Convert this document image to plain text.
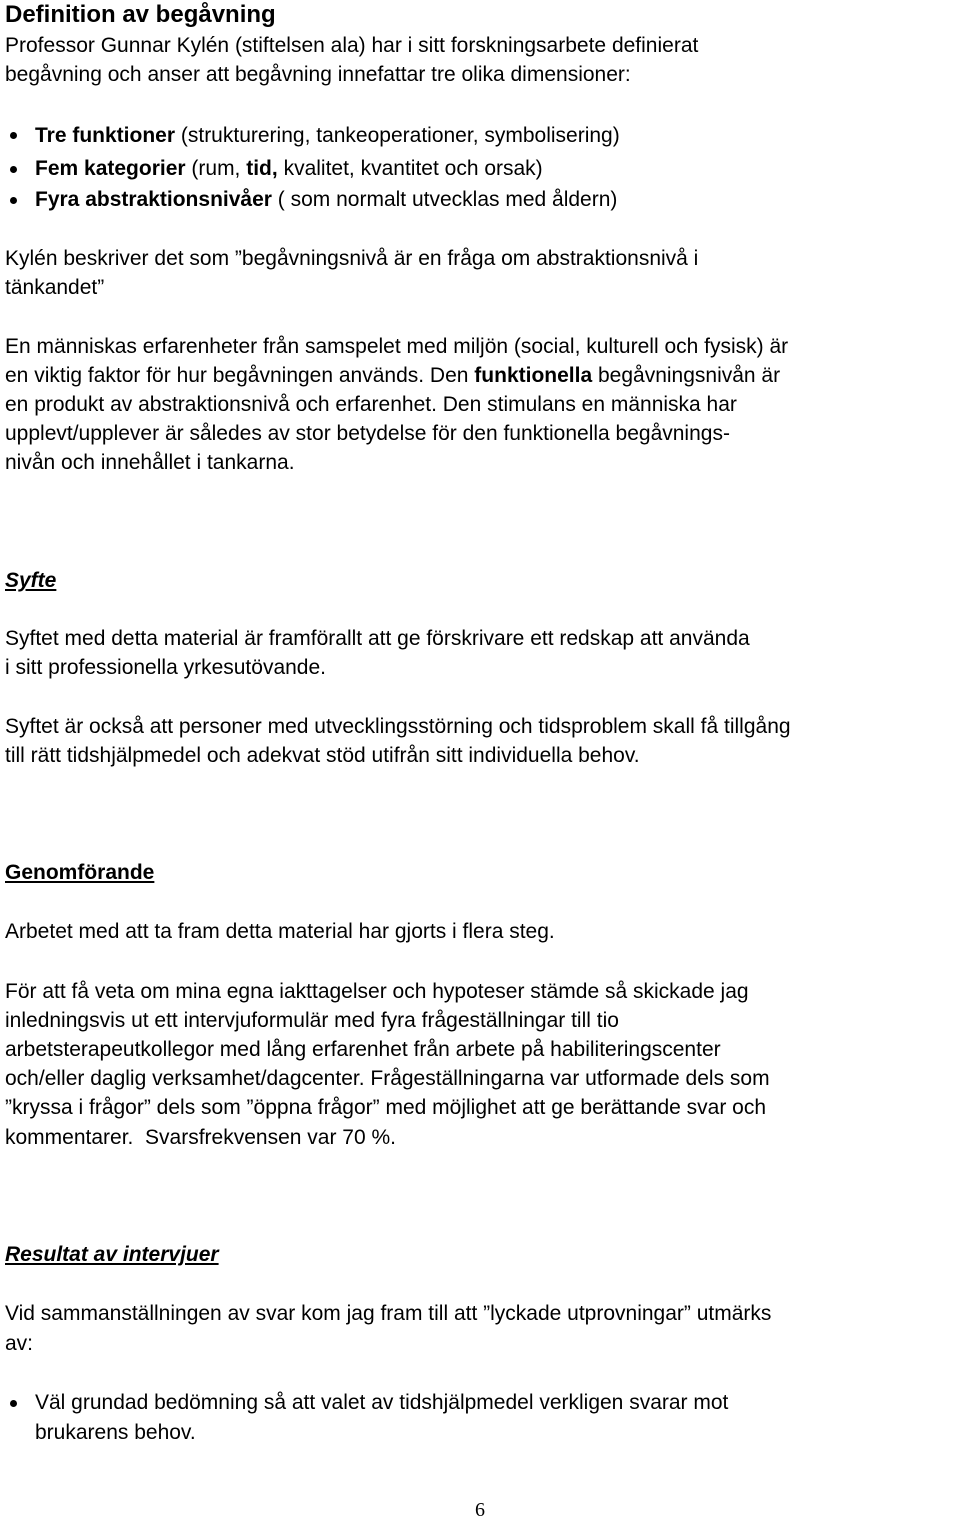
Definition av begåvning
Professor Gunnar Kylén (stiftelsen ala) har i sitt forskningsarbete definierat
begåvning och anser att begåvning innefattar tre olika dimensioner:
Tre funktioner (strukturering, tankeoperationer, symbolisering)
Fem kategorier (rum, tid, kvalitet, kvantitet och orsak)
Fyra abstraktionsnivåer ( som normalt utvecklas med åldern)
Kylén beskriver det som ”begåvningsnivå är en fråga om abstraktionsnivå i
tänkandet”
En människas erfarenheter från samspelet med miljön (social, kulturell och fysisk) är
en viktig faktor för hur begåvningen används. Den funktionella begåvningsnivån är
en produkt av abstraktionsnivå och erfarenhet. Den stimulans en människa har
upplevt/upplever är således av stor betydelse för den funktionella begåvnings-
nivån och innehållet i tankarna.
Syfte
Syftet med detta material är framförallt att ge förskrivare ett redskap att använda
i sitt professionella yrkesutövande.
Syftet är också att personer med utvecklingsstörning och tidsproblem skall få tillgång
till rätt tidshjälpmedel och adekvat stöd utifrån sitt individuella behov.
Genomförande
Arbetet med att ta fram detta material har gjorts i flera steg.
För att få veta om mina egna iakttagelser och hypoteser stämde så skickade jag
inledningsvis ut ett intervjuformulär med fyra frågeställningar till tio
arbetsterapeutkollegor med lång erfarenhet från arbete på habiliteringscenter
och/eller daglig verksamhet/dagcenter. Frågeställningarna var utformade dels som
”kryssa i frågor” dels som ”öppna frågor” med möjlighet att ge berättande svar och
kommentarer.  Svarsfrekvensen var 70 %.
Resultat av intervjuer
Vid sammanställningen av svar kom jag fram till att ”lyckade utprovningar” utmärks
av:
Väl grundad bedömning så att valet av tidshjälpmedel verkligen svarar mot
brukarens behov.
6
